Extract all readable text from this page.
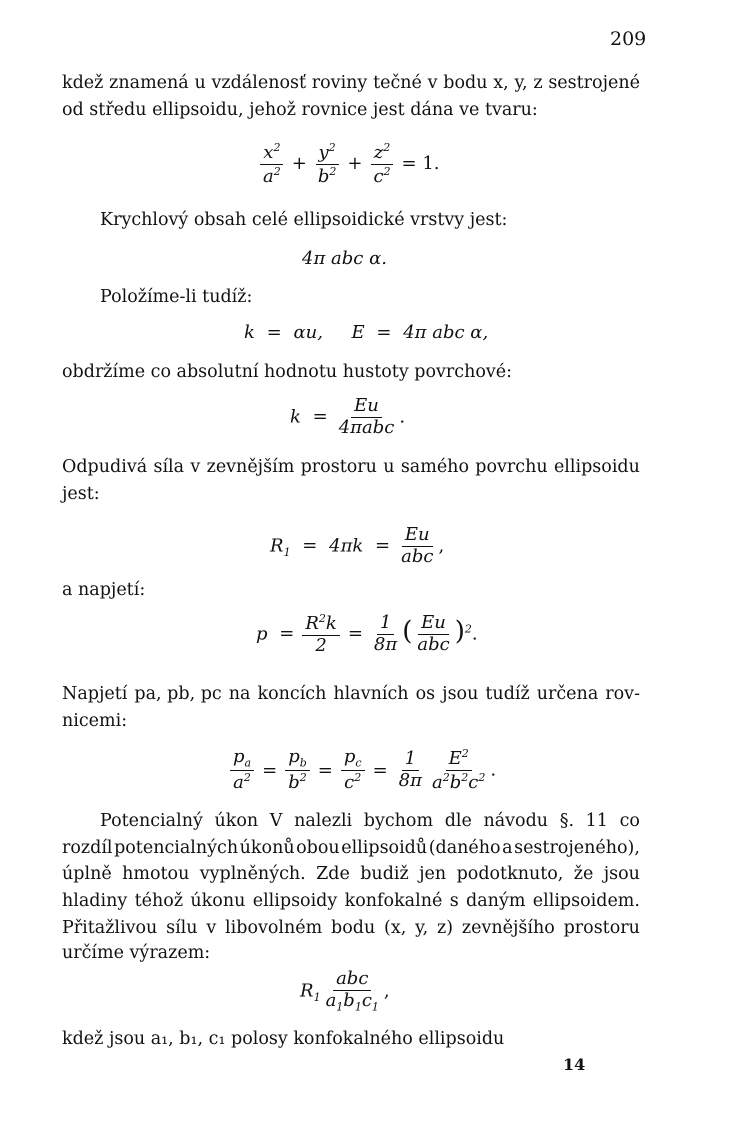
209
kdež znamená u vzdálenosť roviny tečné v bodu x, y, z sestrojené
od středu ellipsoidu, jehož rovnice jest dána ve tvaru:
$\frac{x^2}{a^2} + \frac{y^2}{b^2} + \frac{z^2}{c^2} = 1$.
Krychlový obsah celé ellipsoidické vrstvy jest:
4π abc α.
Položíme-li tudíž:
k = αu,     E = 4π abc α,
obdržíme co absolutní hodnotu hustoty povrchové:
$k = \frac{Eu}{\text{4πabc}}$ .
Odpudivá síla v zevnějším prostoru u samého povrchu ellipsoidu
jest:
$R_1 = 4\pi k = \frac{Eu}{\text{abc}}$ ,
a napjetí:
$p = \frac{R^2k}{2} = \frac{1}{8\pi}$ ( $\frac{Eu}{\text{abc}} )^2$.
Napjetí pa, pb, pc na koncích hlavních os jsou tudíž určena rov-
nicemi:
$\frac{p_a}{a^2} = \frac{p_b}{b^2} = \frac{p_c}{c^2} = \frac{1}{8\pi} \frac{E^2}{a^2b^2c^2}$ .
Potencialný úkon V nalezli bychom dle návodu §. 11 co
rozdíl potencialných úkonů obou ellipsoidů (daného a sestrojeného),
úplně hmotou vyplněných. Zde budiž jen podotknuto, že jsou
hladiny téhož úkonu ellipsoidy konfokalné s daným ellipsoidem.
Přitažlivou sílu v libovolném bodu (x, y, z) zevnějšího prostoru
určíme výrazem:
$R_1 \frac{\text{abc}}{a_1b_1c_1}$ ,
kdež jsou a₁, b₁, c₁ polosy konfokalného ellipsoidu
14
